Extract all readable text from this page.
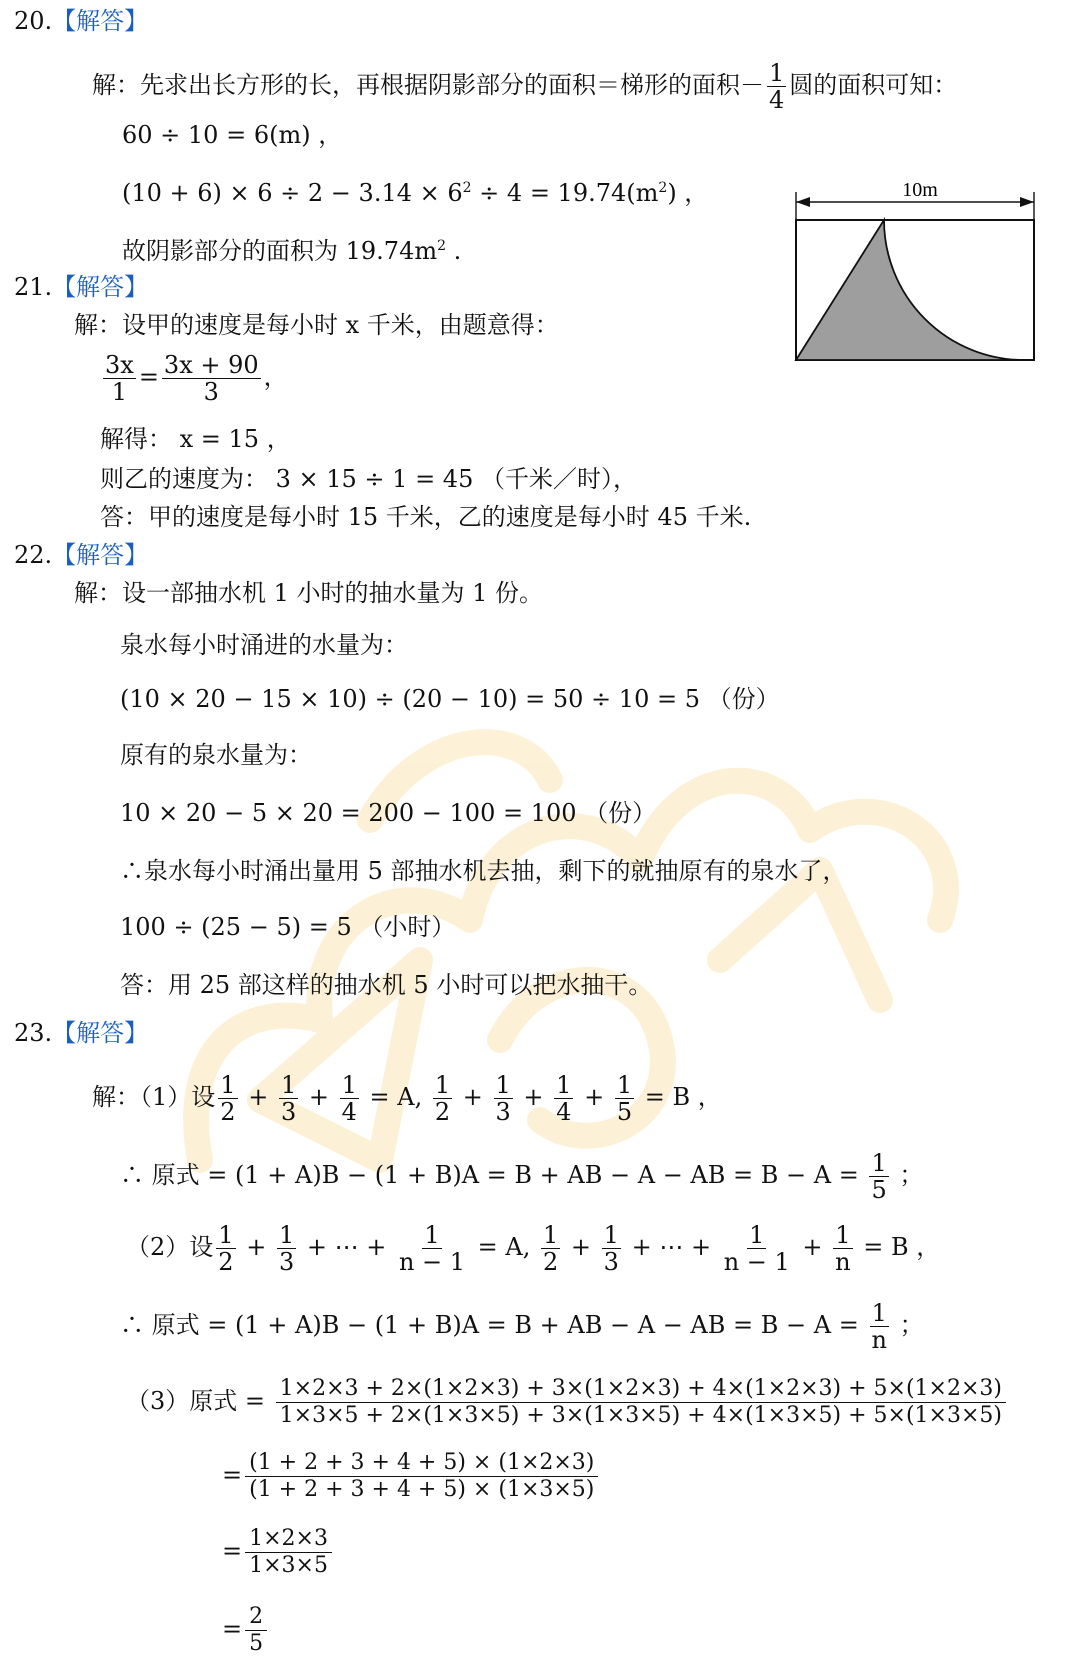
20.【解答】
解：先求出长方形的长，再根据阴影部分的面积＝梯形的面积－ $\frac{1}{4}$ 圆的面积可知：
60 ÷ 10 = 6(m) ，
$(10 + 6) \times 6 \div 2 - 3.14 \times 6^2 \div 4 = 19.74(m^2)$ ，
故阴影部分的面积为 $19.74m^2$ .
10m
21.【解答】
解：设甲的速度是每小时 x 千米，由题意得：
$\frac{3x}{1} = \frac{3x + 90}{3}$ ，
解得： x = 15 ，
则乙的速度为： 3 × 15 ÷ 1 = 45 （千米／时），
答：甲的速度是每小时 15 千米，乙的速度是每小时 45 千米.
22.【解答】
解：设一部抽水机 1 小时的抽水量为 1 份。
泉水每小时涌进的水量为：
(10 × 20 − 15 × 10) ÷ (20 − 10) = 50 ÷ 10 = 5 （份）
原有的泉水量为：
10 × 20 − 5 × 20 = 200 − 100 = 100 （份）
∴泉水每小时涌出量用 5 部抽水机去抽，剩下的就抽原有的泉水了，
100 ÷ (25 − 5) = 5 （小时）
答：用 25 部这样的抽水机 5 小时可以把水抽干。
23.【解答】
解：（1）设 $\frac{1}{2} + \frac{1}{3} + \frac{1}{4} = A$, $\frac{1}{2} + \frac{1}{3} + \frac{1}{4} + \frac{1}{5} = B$ ，
∴ 原式 = (1 + A)B − (1 + B)A = B + AB − A − AB = $B - A = \frac{1}{5}$ ；
（2）设 $\frac{1}{2} + \frac{1}{3}$ + ⋯ + $\frac{1}{n - 1} = A$, $\frac{1}{2} + \frac{1}{3}$ + ⋯ + $\frac{1}{n - 1} + \frac{1}{n} = B$ ，
∴ 原式 = (1 + A)B − (1 + B)A = B + AB − A − AB = $B - A = \frac{1}{n}$ ；
（3）原式 = $\frac{1\times 2\times 3 + 2\times(1\times 2\times 3) + 3\times(1\times 2\times 3) + 4\times(1\times 2\times 3) + 5\times(1\times 2\times 3)}{1\times 3\times 5 + 2\times(1\times 3\times 5) + 3\times(1\times 3\times 5) + 4\times(1\times 3\times 5) + 5\times(1\times 3\times 5)}$
= $\frac{(1 + 2 + 3 + 4 + 5) \times (1\times 2\times 3)}{(1 + 2 + 3 + 4 + 5) \times (1\times 3\times 5)}$
= $\frac{1\times 2\times 3}{1\times 3\times 5}$
= $\frac{2}{5}$
